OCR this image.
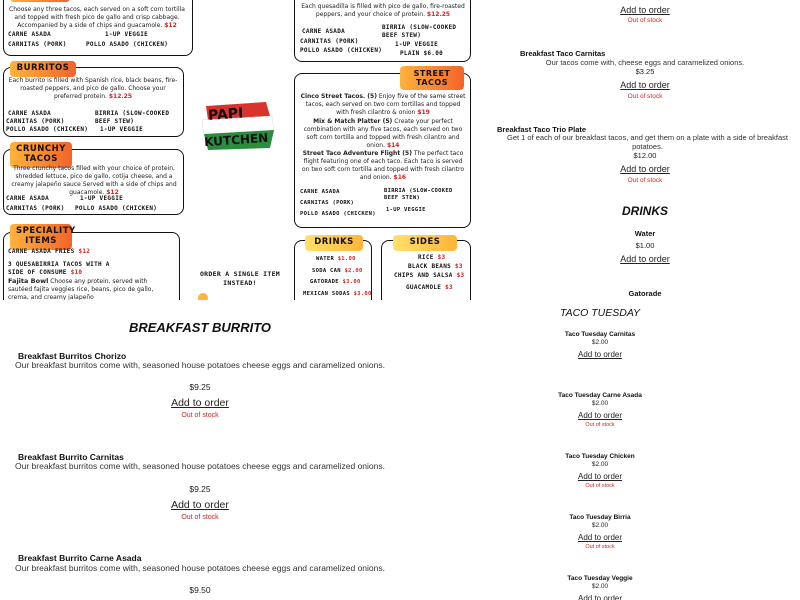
Choose any three tacos, each served on a soft corn tortilla and topped with fresh pico de gallo and crisp cabbage. Accompanied by a side of chips and guacamole. $12
CARNE ASADA	1-UP VEGGIE
CARNITAS (PORK)	POLLO ASADO (CHICKEN)
BURRITOS
Each burrito is filled with Spanish rice, black beans, fire-roasted peppers, and pico de gallo. Choose your preferred protein. $12.25
CARNE ASADA	BIRRIA (SLOW-COOKED BEEF STEW)
CARNITAS (PORK)
POLLO ASADO (CHICKEN) 1-UP VEGGIE
CRUNCHY TACOS
Three crunchy tacos filled with your choice of protein, shredded lettuce, pico de gallo, cotija cheese, and a creamy jalapeño sauce Served with a side of chips and guacamole. $12
CARNE ASADA	1-UP VEGGIE
CARNITAS (PORK) POLLO ASADO (CHICKEN)
SPECIALITY ITEMS
CARNE ASADA FRIES $12
3 QUESABIRRIA TACOS WITH A SIDE OF CONSUME $10
Fajita Bowl Choose any protein, served with sautéed fajita veggies rice, beans, pico de gallo, crema, and creamy jalapeño
PAPI
KUTCHEN
ORDER A SINGLE ITEM INSTEAD!
Each quesadilla is filled with pico de gallo, fire-roasted peppers, and your choice of protein. $12.25
CARNE ASADA
BIRRIA (SLOW-COOKED BEEF STEW)
CARNITAS (PORK)	1-UP VEGGIE
POLLO ASADO (CHICKEN)	PLAIN $6.00
STREET TACOS
Cinco Street Tacos. (5) Enjoy five of the same street tacos, each served on two corn tortillas and topped with fresh cilantro & onion $19
Mix & Match Platter (5) Create your perfect combination with any five tacos, each served on two soft corn tortilla and topped with fresh cilantro and onion. $14
Street Taco Adventure Flight (5) The perfect taco flight featuring one of each taco. Each taco is served on two soft corn tortilla and topped with fresh cilantro and onion. $16
CARNE ASADA	BIRRIA (SLOW-COOKED BEEF STEW)
CARNITAS (PORK)
1-UP VEGGIE
POLLO ASADO (CHICKEN)
DRINKS
WATER $1.00
SODA CAN $2.00
GATORADE $3.00
MEXICAN SODAS $3.00
SIDES
RICE $3
BLACK BEANS $3
CHIPS AND SALSA $3
GUACAMOLE $3
Add to order
Out of stock
Breakfast Taco Carnitas
Our tacos come with, cheese eggs and caramelized onions.
$3.25
Add to order
Out of stock
Breakfast Taco Trio Plate
Get 1 of each of our breakfast tacos, and get them on a plate with a side of breakfast potatoes.
$12.00
Add to order
Out of stock
DRINKS
Water
$1.00
Add to order
Gatorade
BREAKFAST BURRITO
Breakfast Burritos Chorizo
Our breakfast burritos come with, seasoned house potatoes cheese eggs and caramelized onions.
$9.25
Add to order
Out of stock
Breakfast Burrito Carnitas
Our breakfast burritos come with, seasoned house potatoes cheese eggs and caramelized onions.
$9.25
Add to order
Out of stock
Breakfast Burrito Carne Asada
Our breakfast burritos come with, seasoned house potatoes cheese eggs and caramelized onions.
$9.50
TACO TUESDAY
Taco Tuesday Carnitas
$2.00
Add to order
Taco Tuesday Carne Asada
$2.00
Add to order
Out of stock
Taco Tuesday Chicken
$2.00
Add to order
Out of stock
Taco Tuesday Birria
$2.00
Add to order
Out of stock
Taco Tuesday Veggie
$2.00
Add to order
